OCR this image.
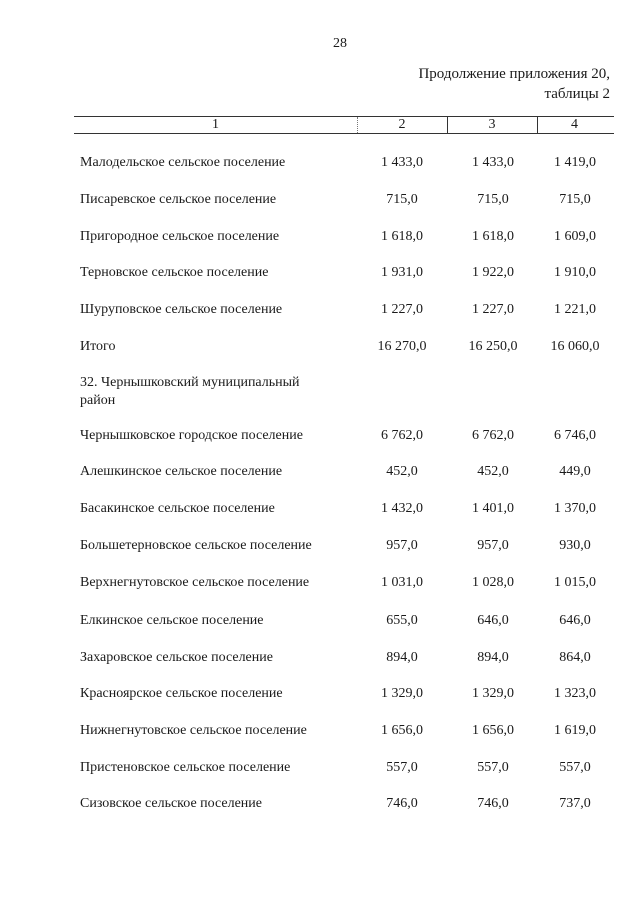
28
Продолжение приложения 20,
таблицы 2
1	2	3	4
Малодельское сельское поселение	1 433,0	1 433,0	1 419,0
Писаревское сельское поселение	715,0	715,0	715,0
Пригородное сельское поселение	1 618,0	1 618,0	1 609,0
Терновское сельское поселение	1 931,0	1 922,0	1 910,0
Шуруповское сельское поселение	1 227,0	1 227,0	1 221,0
Итого	16 270,0	16 250,0	16 060,0
32. Чернышковский муниципальный район
Чернышковское городское поселение	6 762,0	6 762,0	6 746,0
Алешкинское сельское поселение	452,0	452,0	449,0
Басакинское сельское поселение	1 432,0	1 401,0	1 370,0
Большетерновское сельское поселение	957,0	957,0	930,0
Верхнегнутовское сельское поселение	1 031,0	1 028,0	1 015,0
Елкинское сельское поселение	655,0	646,0	646,0
Захаровское сельское поселение	894,0	894,0	864,0
Красноярское сельское поселение	1 329,0	1 329,0	1 323,0
Нижнегнутовское сельское поселение	1 656,0	1 656,0	1 619,0
Пристеновское сельское поселение	557,0	557,0	557,0
Сизовское сельское поселение	746,0	746,0	737,0
